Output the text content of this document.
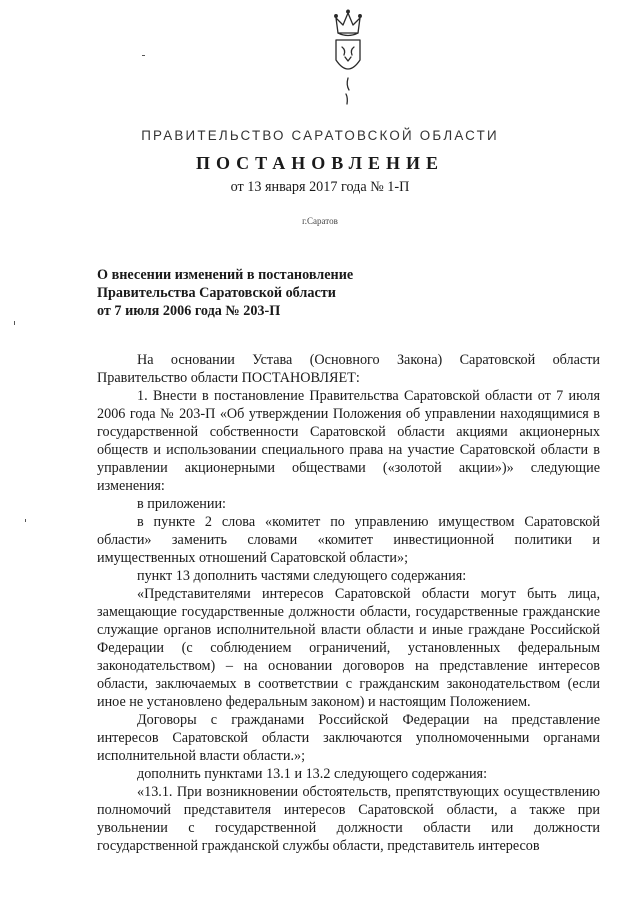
ПРАВИТЕЛЬСТВО САРАТОВСКОЙ ОБЛАСТИ
ПОСТАНОВЛЕНИЕ
от 13 января 2017 года № 1-П
г.Саратов
О внесении изменений в постановление
Правительства Саратовской области
от 7 июля 2006 года № 203-П

На основании Устава (Основного Закона) Саратовской области Правительство области ПОСТАНОВЛЯЕТ:

1. Внести в постановление Правительства Саратовской области от 7 июля 2006 года № 203-П «Об утверждении Положения об управлении находящимися в государственной собственности Саратовской области акциями акционерных обществ и использовании специального права на участие Саратовской области в управлении акционерными обществами («золотой акции»)» следующие изменения:

в приложении:

в пункте 2 слова «комитет по управлению имуществом Саратовской области» заменить словами «комитет инвестиционной политики и имущественных отношений Саратовской области»;

пункт 13 дополнить частями следующего содержания:

«Представителями интересов Саратовской области могут быть лица, замещающие государственные должности области, государственные гражданские служащие органов исполнительной власти области и иные граждане Российской Федерации (с соблюдением ограничений, установленных федеральным законодательством) – на основании договоров на представление интересов области, заключаемых в соответствии с гражданским законодательством (если иное не установлено федеральным законом) и настоящим Положением.

Договоры с гражданами Российской Федерации на представление интересов Саратовской области заключаются уполномоченными органами исполнительной власти области.»;

дополнить пунктами 13.1 и 13.2 следующего содержания:

«13.1. При возникновении обстоятельств, препятствующих осуществлению полномочий представителя интересов Саратовской области, а также при увольнении с государственной должности области или должности государственной гражданской службы области, представитель интересов
